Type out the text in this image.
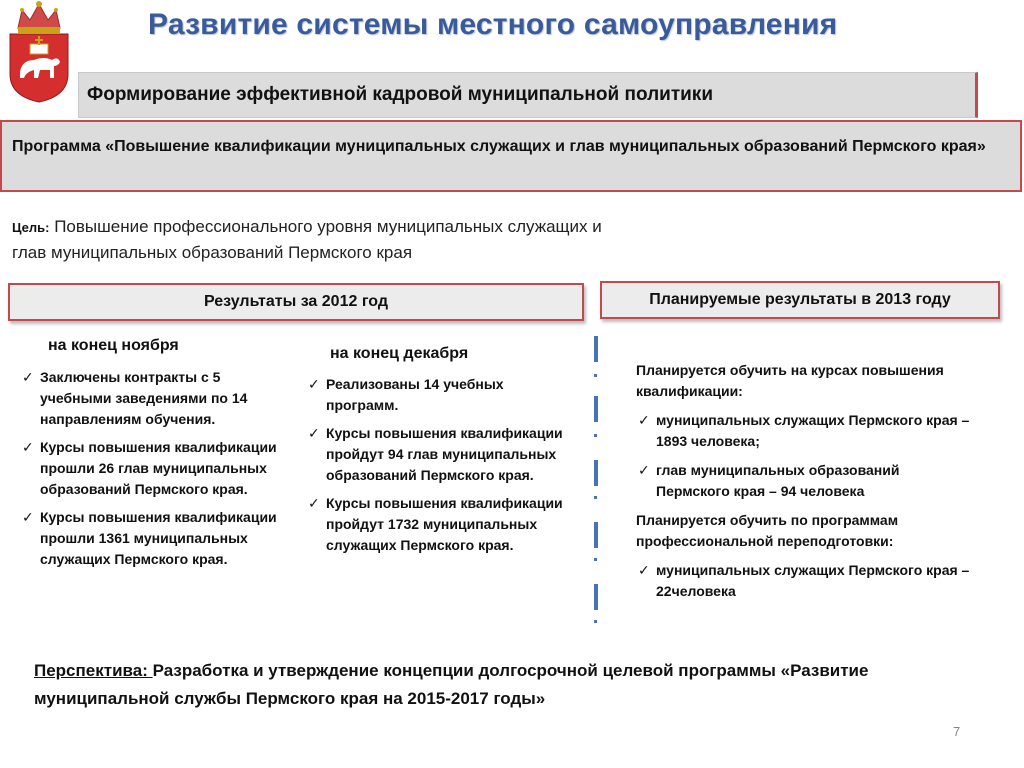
Развитие системы местного самоуправления
Формирование эффективной кадровой муниципальной политики
Программа «Повышение квалификации муниципальных служащих и глав муниципальных образований Пермского края»
Цель: Повышение профессионального уровня муниципальных служащих и
глав муниципальных образований Пермского края
Результаты за 2012 год	Планируемые результаты в 2013 году
на конец ноября
✓ Заключены контракты с 5 учебными заведениями по 14 направлениям обучения.
✓ Курсы повышения квалификации прошли 26 глав муниципальных образований Пермского края.
✓ Курсы повышения квалификации прошли 1361 муниципальных служащих Пермского края.
на конец декабря
✓ Реализованы 14 учебных программ.
✓ Курсы повышения квалификации пройдут 94 глав муниципальных образований Пермского края.
✓ Курсы повышения квалификации пройдут 1732 муниципальных служащих Пермского края.
Планируется обучить на курсах повышения квалификации:
✓ муниципальных служащих Пермского края – 1893 человека;
✓ глав муниципальных образований Пермского края – 94 человека
Планируется обучить по программам профессиональной переподготовки:
✓ муниципальных служащих Пермского края – 22человека
Перспектива: Разработка и утверждение концепции долгосрочной целевой программы «Развитие муниципальной службы Пермского края на 2015-2017 годы»
7
